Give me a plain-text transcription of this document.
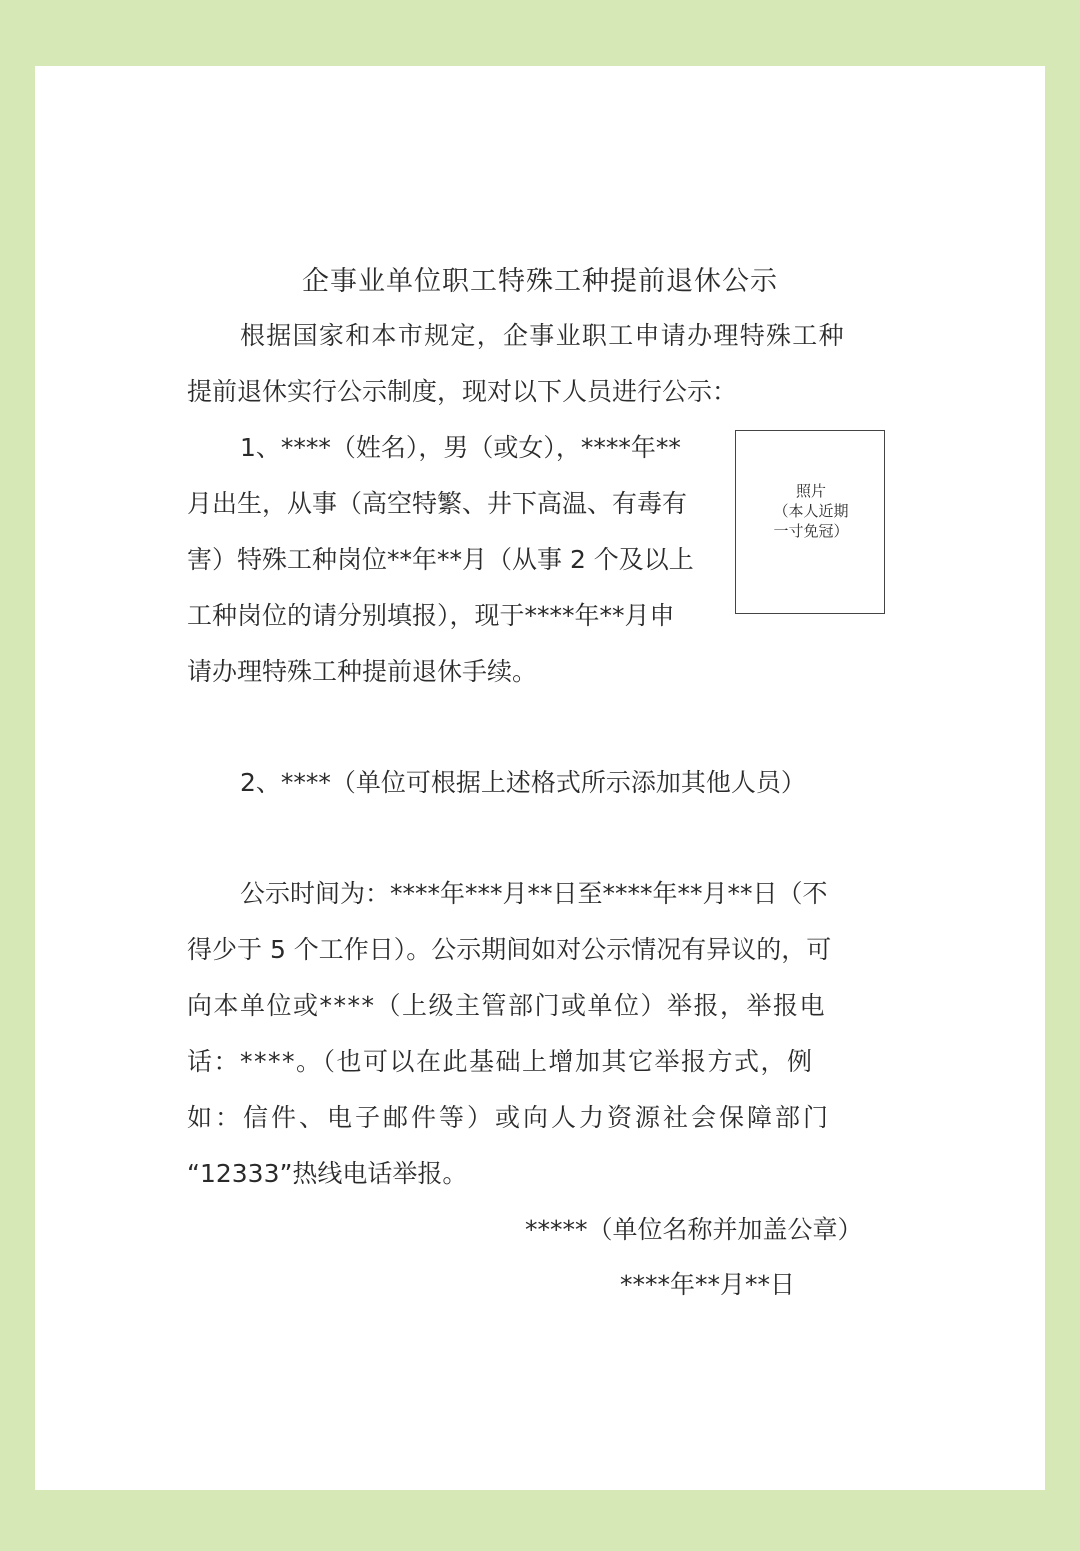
企事业单位职工特殊工种提前退休公示

根据国家和本市规定，企事业职工申请办理特殊工种

提前退休实行公示制度，现对以下人员进行公示：

1、****（姓名），男（或女），****年**

月出生，从事（高空特繁、井下高温、有毒有

害）特殊工种岗位**年**月（从事 2 个及以上

工种岗位的请分别填报），现于****年**月申

请办理特殊工种提前退休手续。

照片
（本人近期
一寸免冠）

2、****（单位可根据上述格式所示添加其他人员）

公示时间为：****年***月**日至****年**月**日（不

得少于 5 个工作日）。公示期间如对公示情况有异议的，可

向本单位或****（上级主管部门或单位）举报，举报电

话：****。（也可以在此基础上增加其它举报方式，例

如：信件、电子邮件等）或向人力资源社会保障部门

“12333”热线电话举报。

*****（单位名称并加盖公章）

****年**月**日
